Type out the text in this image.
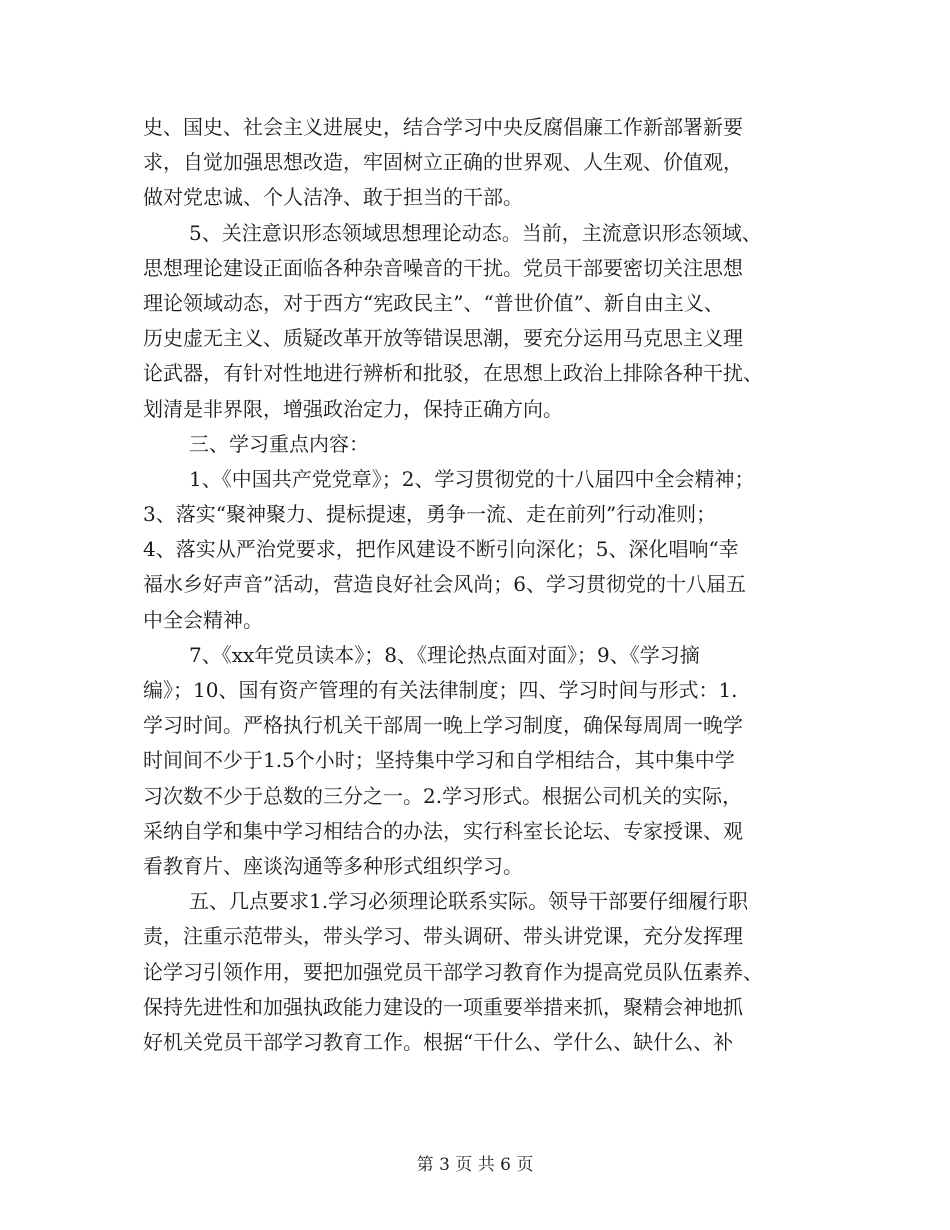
史、国史、社会主义进展史，结合学习中央反腐倡廉工作新部署新要
求，自觉加强思想改造，牢固树立正确的世界观、人生观、价值观，
做对党忠诚、个人洁净、敢于担当的干部。
5、关注意识形态领域思想理论动态。当前，主流意识形态领域、
思想理论建设正面临各种杂音噪音的干扰。党员干部要密切关注思想
理论领域动态，对于西方“宪政民主”、“普世价值”、新自由主义、
历史虚无主义、质疑改革开放等错误思潮，要充分运用马克思主义理
论武器，有针对性地进行辨析和批驳，在思想上政治上排除各种干扰、
划清是非界限，增强政治定力，保持正确方向。
三、学习重点内容：
1、《中国共产党党章》；2、学习贯彻党的十八届四中全会精神；
3、落实“聚神聚力、提标提速，勇争一流、走在前列”行动准则；
4、落实从严治党要求，把作风建设不断引向深化；5、深化唱响“幸
福水乡好声音”活动，营造良好社会风尚；6、学习贯彻党的十八届五
中全会精神。
7、《xx年党员读本》；8、《理论热点面对面》；9、《学习摘
编》；10、国有资产管理的有关法律制度；四、学习时间与形式：1.
学习时间。严格执行机关干部周一晚上学习制度，确保每周周一晚学
时间间不少于1.5个小时；坚持集中学习和自学相结合，其中集中学
习次数不少于总数的三分之一。2.学习形式。根据公司机关的实际，
采纳自学和集中学习相结合的办法，实行科室长论坛、专家授课、观
看教育片、座谈沟通等多种形式组织学习。
五、几点要求1.学习必须理论联系实际。领导干部要仔细履行职
责，注重示范带头，带头学习、带头调研、带头讲党课，充分发挥理
论学习引领作用，要把加强党员干部学习教育作为提高党员队伍素养、
保持先进性和加强执政能力建设的一项重要举措来抓，聚精会神地抓
好机关党员干部学习教育工作。根据“干什么、学什么、缺什么、补
第 3 页 共 6 页
